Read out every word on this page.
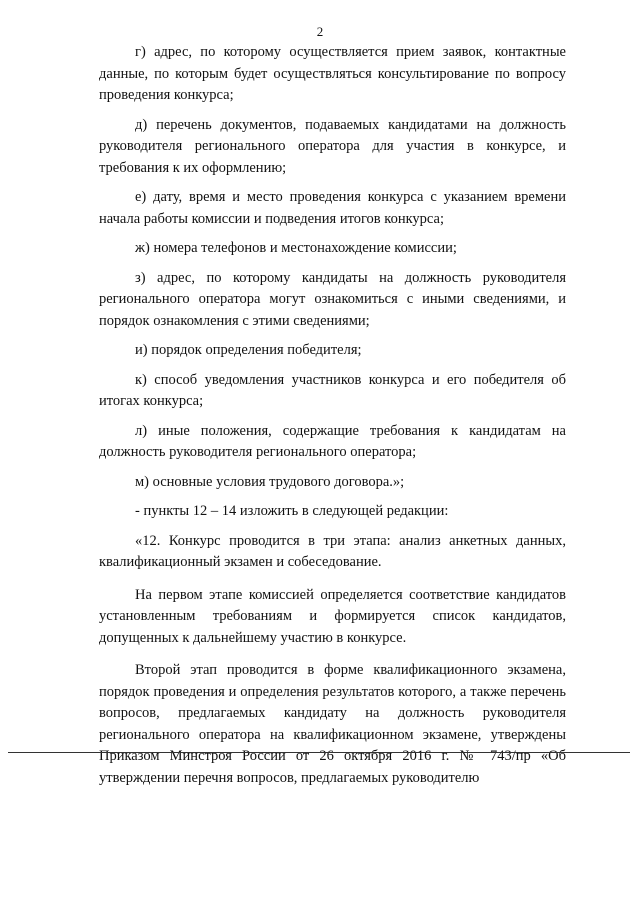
2

г) адрес, по которому осуществляется прием заявок, контактные данные, по которым будет осуществляться консультирование по вопросу проведения конкурса;

д) перечень документов, подаваемых кандидатами на должность руководителя регионального оператора для участия в конкурсе, и требования к их оформлению;

е) дату, время и место проведения конкурса с указанием времени начала работы комиссии и подведения итогов конкурса;

ж) номера телефонов и местонахождение комиссии;

з) адрес, по которому кандидаты на должность руководителя регионального оператора могут ознакомиться с иными сведениями, и порядок ознакомления с этими сведениями;

и) порядок определения победителя;

к) способ уведомления участников конкурса и его победителя об итогах конкурса;

л) иные положения, содержащие требования к кандидатам на должность руководителя регионального оператора;

м) основные условия трудового договора.»;

- пункты 12 – 14 изложить в следующей редакции:

«12. Конкурс проводится в три этапа: анализ анкетных данных, квалификационный экзамен и собеседование.

На первом этапе комиссией определяется соответствие кандидатов установленным требованиям и формируется список кандидатов, допущенных к дальнейшему участию в конкурсе.

Второй этап проводится в форме квалификационного экзамена, порядок проведения и определения результатов которого, а также перечень вопросов, предлагаемых кандидату на должность руководителя регионального оператора на квалификационном экзамене, утверждены Приказом Минстроя России от 26 октября 2016 г. № 743/пр «Об утверждении перечня вопросов, предлагаемых руководителю
